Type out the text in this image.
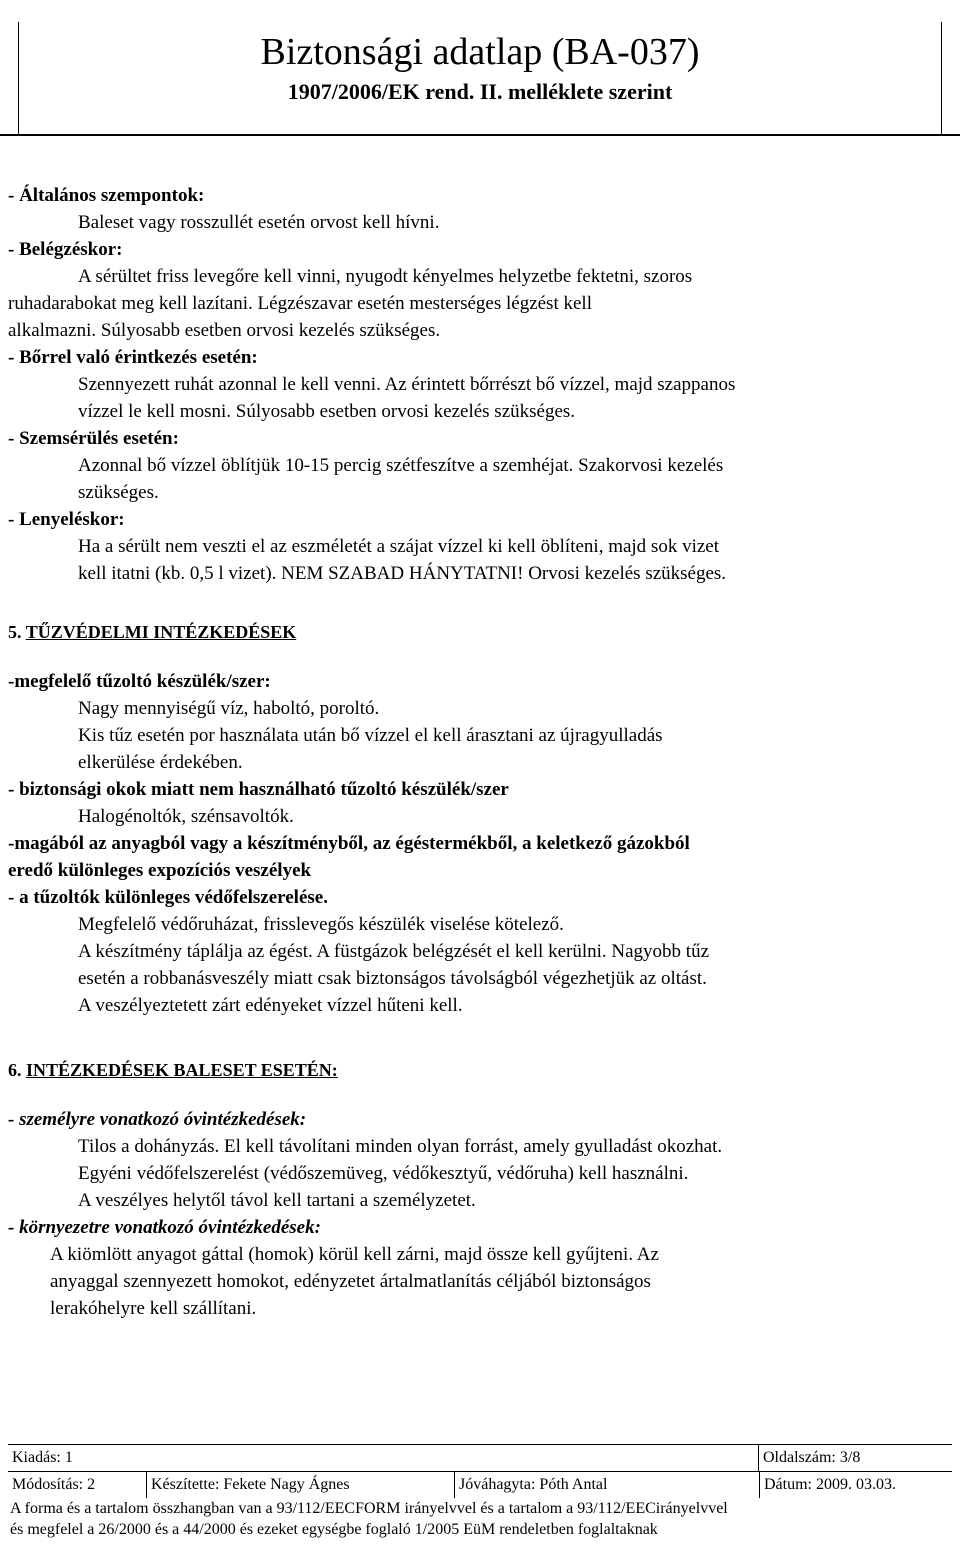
Biztonsági adatlap (BA-037)
1907/2006/EK rend. II. melléklete szerint
- Általános szempontok:
Baleset vagy rosszullét esetén orvost kell hívni.
- Belégzéskor:
A sérültet friss levegőre kell vinni, nyugodt kényelmes helyzetbe fektetni, szoros
ruhadarabokat meg kell lazítani. Légzészavar esetén mesterséges légzést kell
alkalmazni. Súlyosabb esetben orvosi kezelés szükséges.
- Bőrrel való érintkezés esetén:
Szennyezett ruhát azonnal le kell venni. Az érintett bőrrészt bő vízzel, majd szappanos
vízzel le kell mosni. Súlyosabb esetben orvosi kezelés szükséges.
- Szemsérülés esetén:
Azonnal bő vízzel öblítjük 10-15 percig szétfeszítve a szemhéjat. Szakorvosi kezelés
szükséges.
- Lenyeléskor:
Ha a sérült nem veszti el az eszméletét a szájat vízzel ki kell öblíteni, majd sok vizet
kell itatni (kb. 0,5 l vizet). NEM SZABAD HÁNYTATNI! Orvosi kezelés szükséges.
5. TŰZVÉDELMI INTÉZKEDÉSEK
-megfelelő tűzoltó készülék/szer:
Nagy mennyiségű víz, haboltó, poroltó.
Kis tűz esetén por használata után bő vízzel el kell árasztani az újragyulladás
elkerülése érdekében.
- biztonsági okok miatt nem használható tűzoltó készülék/szer
Halogénoltók, szénsavoltók.
-magából az anyagból vagy a készítményből, az égéstermékből, a keletkező gázokból
eredő különleges expozíciós veszélyek
- a tűzoltók különleges védőfelszerelése.
Megfelelő védőruházat, frisslevegős készülék viselése kötelező.
A készítmény táplálja az égést. A füstgázok belégzését el kell kerülni. Nagyobb tűz
esetén a robbanásveszély miatt csak biztonságos távolságból végezhetjük az oltást.
A veszélyeztetett zárt edényeket vízzel hűteni kell.
6. INTÉZKEDÉSEK BALESET ESETÉN:
- személyre vonatkozó óvintézkedések:
Tilos a dohányzás. El kell távolítani minden olyan forrást, amely gyulladást okozhat.
Egyéni védőfelszerelést (védőszemüveg, védőkesztyű, védőruha) kell használni.
A veszélyes helytől távol kell tartani a személyzetet.
- környezetre vonatkozó óvintézkedések:
A kiömlött anyagot gáttal (homok) körül kell zárni, majd össze kell gyűjteni. Az
anyaggal szennyezett homokot, edényzetet ártalmatlanítás céljából biztonságos
lerakóhelyre kell szállítani.
Kiadás: 1	Oldalszám: 3/8
Módosítás: 2	Készítette: Fekete Nagy Ágnes	Jóváhagyta: Póth Antal	Dátum: 2009. 03.03.
A forma és a tartalom összhangban van a 93/112/EECFORM irányelvvel és a tartalom a 93/112/EECirányelvvel
és megfelel a 26/2000 és a 44/2000 és ezeket egységbe foglaló 1/2005 EüM rendeletben foglaltaknak
